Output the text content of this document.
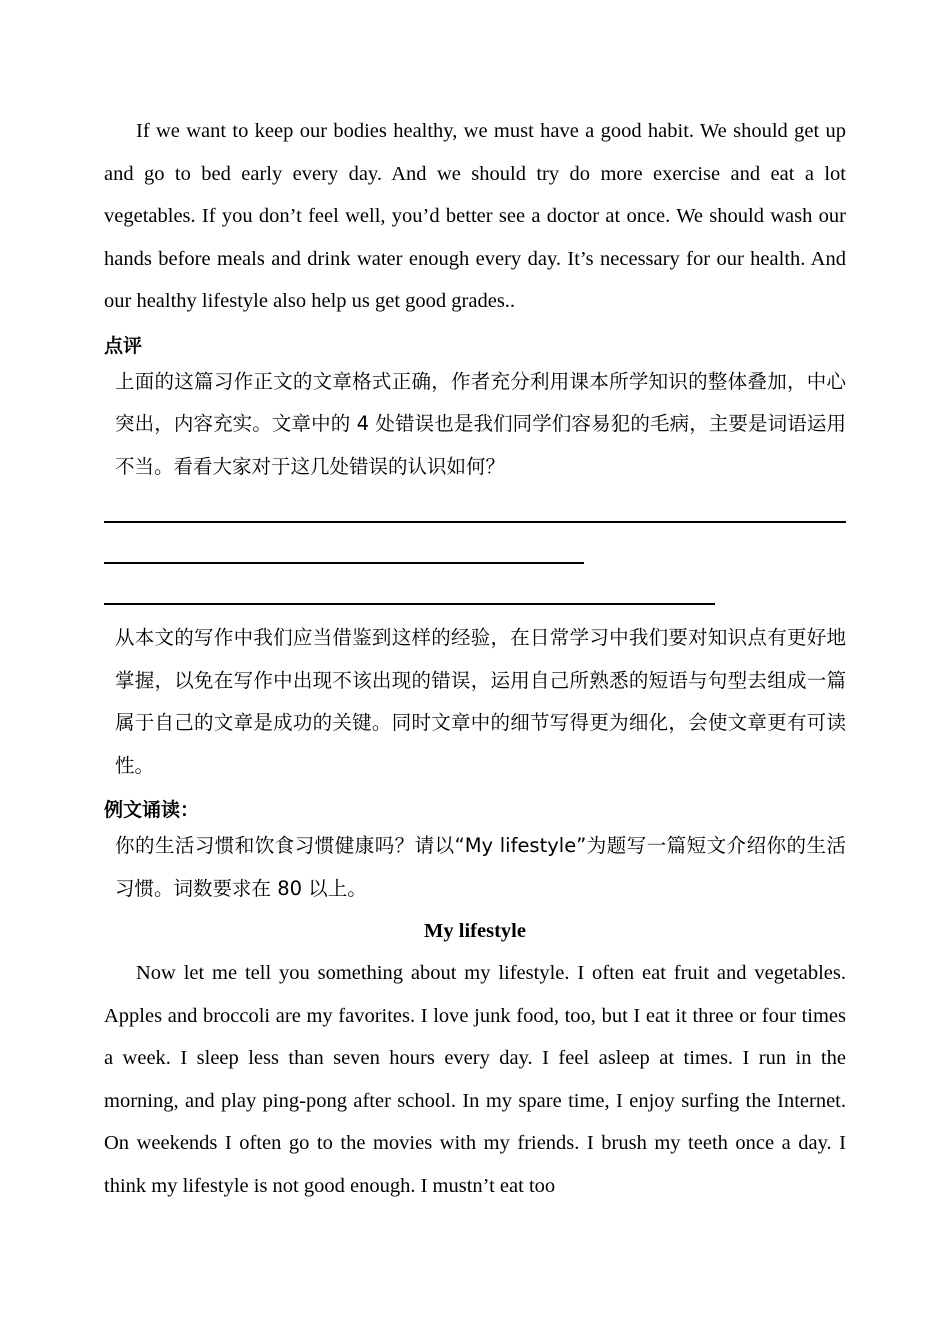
If we want to keep our bodies healthy, we must have a good habit. We should get up and go to bed early every day. And we should try do more exercise and eat a lot vegetables. If you don’t feel well, you’d better see a doctor at once. We should wash our hands before meals and drink water enough every day. It’s necessary for our health. And our healthy lifestyle also help us get good grades..

点评

上面的这篇习作正文的文章格式正确，作者充分利用课本所学知识的整体叠加，中心突出，内容充实。文章中的 4 处错误也是我们同学们容易犯的毛病，主要是词语运用不当。看看大家对于这几处错误的认识如何？

从本文的写作中我们应当借鉴到这样的经验，在日常学习中我们要对知识点有更好地掌握，以免在写作中出现不该出现的错误，运用自己所熟悉的短语与句型去组成一篇属于自己的文章是成功的关键。同时文章中的细节写得更为细化，会使文章更有可读性。

例文诵读：

你的生活习惯和饮食习惯健康吗？请以“My lifestyle”为题写一篇短文介绍你的生活习惯。词数要求在 80 以上。

My lifestyle

Now let me tell you something about my lifestyle. I often eat fruit and vegetables. Apples and broccoli are my favorites. I love junk food, too, but I eat it three or four times a week. I sleep less than seven hours every day. I feel asleep at times. I run in the morning, and play ping-pong after school. In my spare time, I enjoy surfing the Internet. On weekends I often go to the movies with my friends. I brush my teeth once a day. I think my lifestyle is not good enough. I mustn’t eat too
